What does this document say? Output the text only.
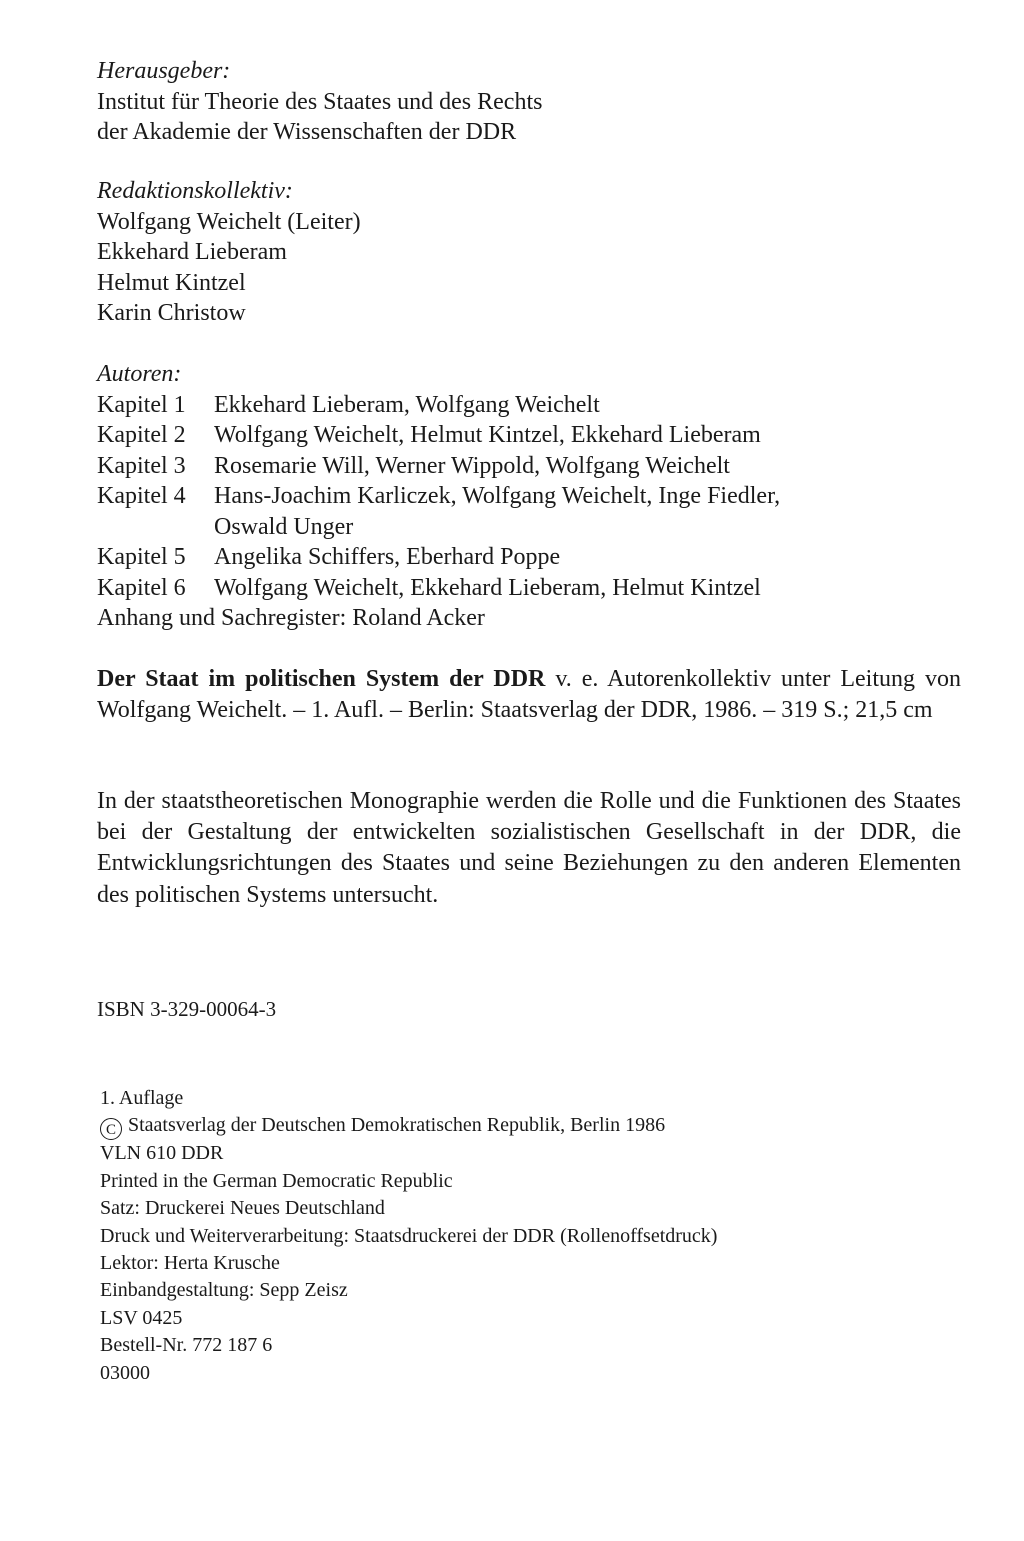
Herausgeber:
Institut für Theorie des Staates und des Rechts
der Akademie der Wissenschaften der DDR
Redaktionskollektiv:
Wolfgang Weichelt (Leiter)
Ekkehard Lieberam
Helmut Kintzel
Karin Christow
Autoren:
Kapitel 1	Ekkehard Lieberam, Wolfgang Weichelt
Kapitel 2	Wolfgang Weichelt, Helmut Kintzel, Ekkehard Lieberam
Kapitel 3	Rosemarie Will, Werner Wippold, Wolfgang Weichelt
Kapitel 4	Hans-Joachim Karliczek, Wolfgang Weichelt, Inge Fiedler,
Oswald Unger
Kapitel 5	Angelika Schiffers, Eberhard Poppe
Kapitel 6	Wolfgang Weichelt, Ekkehard Lieberam, Helmut Kintzel
Anhang und Sachregister: Roland Acker
Der Staat im politischen System der DDR v. e. Autorenkollektiv unter Leitung von Wolfgang Weichelt. – 1. Aufl. – Berlin: Staatsverlag der DDR, 1986. – 319 S.; 21,5 cm
In der staatstheoretischen Monographie werden die Rolle und die Funktionen des Staates bei der Gestaltung der entwickelten sozialistischen Gesellschaft in der DDR, die Entwicklungsrichtungen des Staates und seine Beziehungen zu den anderen Elementen des politischen Systems untersucht.
ISBN 3-329-00064-3
1. Auflage
C Staatsverlag der Deutschen Demokratischen Republik, Berlin 1986
VLN 610 DDR
Printed in the German Democratic Republic
Satz: Druckerei Neues Deutschland
Druck und Weiterverarbeitung: Staatsdruckerei der DDR (Rollenoffsetdruck)
Lektor: Herta Krusche
Einbandgestaltung: Sepp Zeisz
LSV 0425
Bestell-Nr. 772 187 6
03000
